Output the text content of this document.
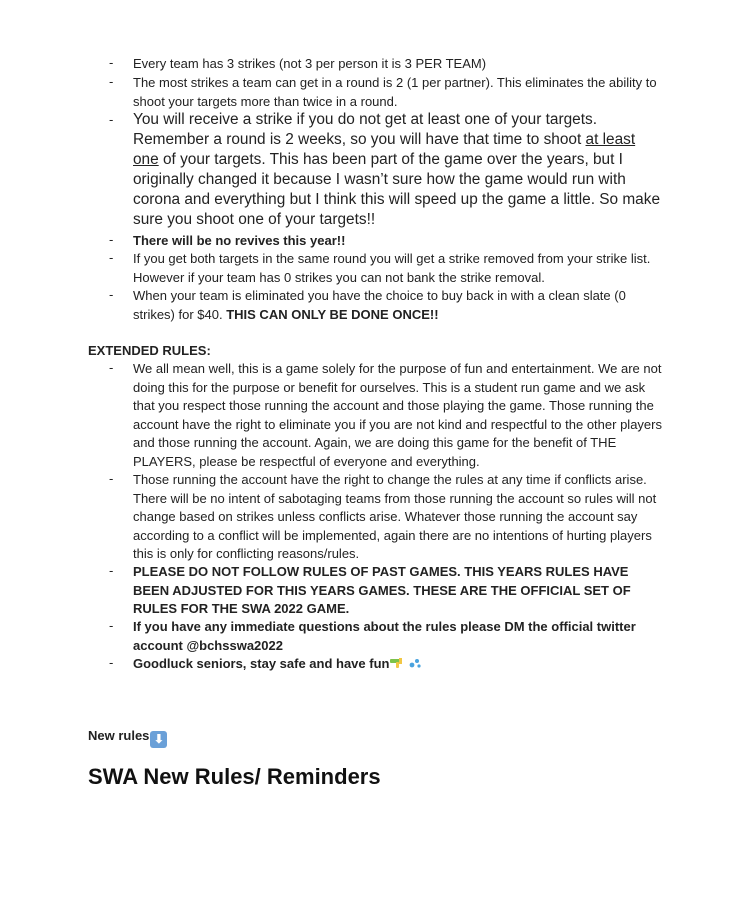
- Every team has 3 strikes (not 3 per person it is 3 PER TEAM)
- The most strikes a team can get in a round is 2 (1 per partner). This eliminates the ability to shoot your targets more than twice in a round.
- You will receive a strike if you do not get at least one of your targets. Remember a round is 2 weeks, so you will have that time to shoot at least one of your targets. This has been part of the game over the years, but I originally changed it because I wasn’t sure how the game would run with corona and everything but I think this will speed up the game a little. So make sure you shoot one of your targets!!
- There will be no revives this year!!
- If you get both targets in the same round you will get a strike removed from your strike list. However if your team has 0 strikes you can not bank the strike removal.
- When your team is eliminated you have the choice to buy back in with a clean slate (0 strikes) for $40. THIS CAN ONLY BE DONE ONCE!!
EXTENDED RULES:
- We all mean well, this is a game solely for the purpose of fun and entertainment. We are not doing this for the purpose or benefit for ourselves. This is a student run game and we ask that you respect those running the account and those playing the game. Those running the account have the right to eliminate you if you are not kind and respectful to the other players and those running the account. Again, we are doing this game for the benefit of THE PLAYERS, please be respectful of everyone and everything.
- Those running the account have the right to change the rules at any time if conflicts arise. There will be no intent of sabotaging teams from those running the account so rules will not change based on strikes unless conflicts arise. Whatever those running the account say according to a conflict will be implemented, again there are no intentions of hurting players this is only for conflicting reasons/rules.
- PLEASE DO NOT FOLLOW RULES OF PAST GAMES. THIS YEARS RULES HAVE BEEN ADJUSTED FOR THIS YEARS GAMES. THESE ARE THE OFFICIAL SET OF RULES FOR THE SWA 2022 GAME.
- If you have any immediate questions about the rules please DM the official twitter account @bchsswa2022
- Goodluck seniors, stay safe and have fun
New rules ⬇
SWA New Rules/ Reminders
